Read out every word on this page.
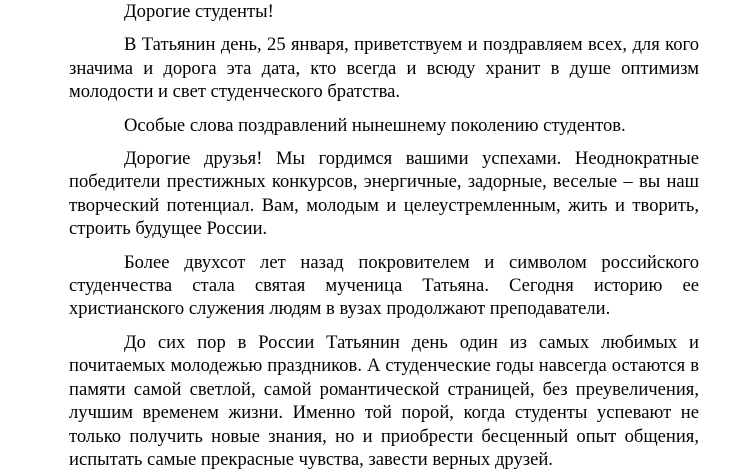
Дорогие студенты!

В Татьянин день, 25 января, приветствуем и поздравляем всех, для кого значима и дорога эта дата, кто всегда и всюду хранит в душе оптимизм молодости и свет студенческого братства.

Особые слова поздравлений нынешнему поколению студентов.

Дорогие друзья! Мы гордимся вашими успехами. Неоднократные победители престижных конкурсов, энергичные, задорные, веселые – вы наш творческий потенциал. Вам, молодым и целеустремленным, жить и творить, строить будущее России.

Более двухсот лет назад покровителем и символом российского студенчества стала святая мученица Татьяна. Сегодня историю ее христианского служения людям в вузах продолжают преподаватели.

До сих пор в России Татьянин день один из самых любимых и почитаемых молодежью праздников. А студенческие годы навсегда остаются в памяти самой светлой, самой романтической страницей, без преувеличения, лучшим временем жизни. Именно той порой, когда студенты успевают не только получить новые знания, но и приобрести бесценный опыт общения, испытать самые прекрасные чувства, завести верных друзей.
